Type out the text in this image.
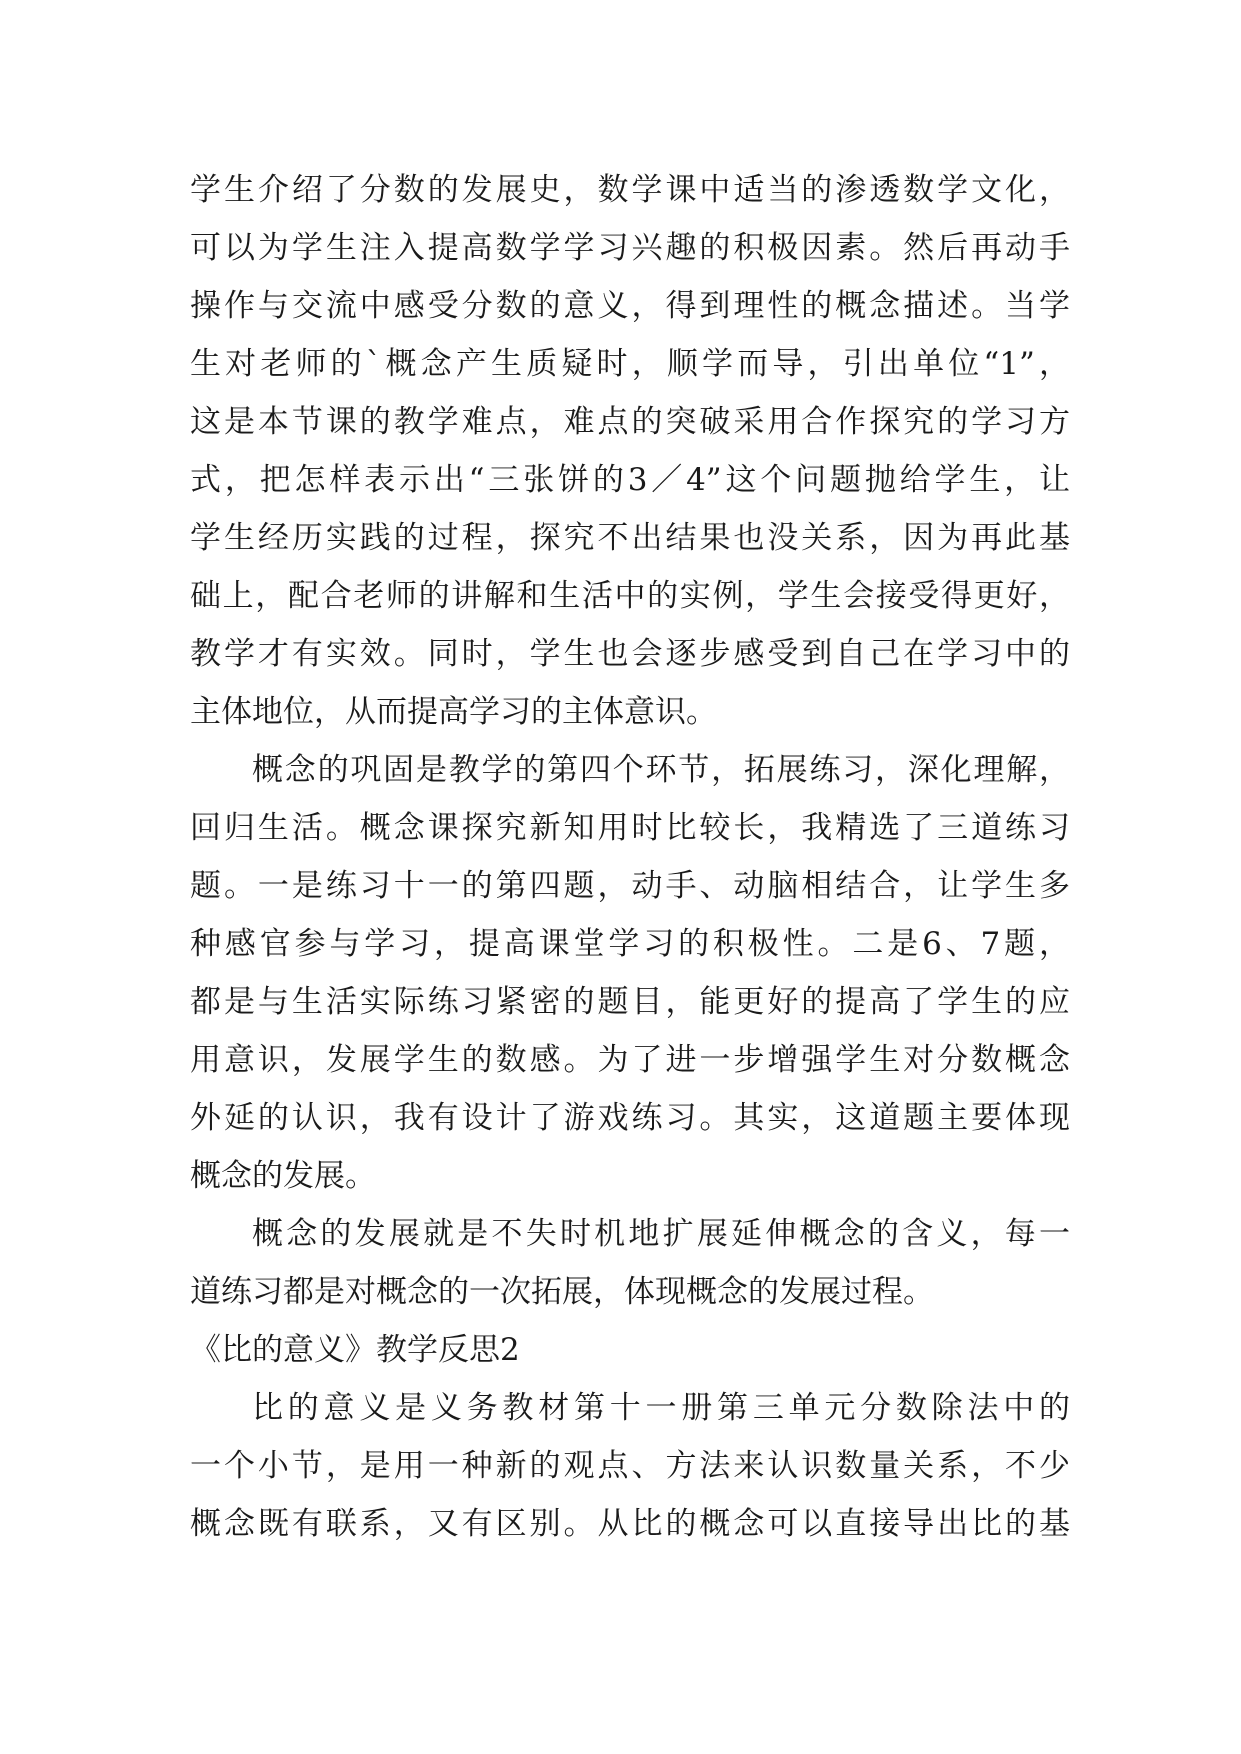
学生介绍了分数的发展史，数学课中适当的渗透数学文化，
可以为学生注入提高数学学习兴趣的积极因素。然后再动手
操作与交流中感受分数的意义，得到理性的概念描述。当学
生对老师的`概念产生质疑时，顺学而导，引出单位“1”，
这是本节课的教学难点，难点的突破采用合作探究的学习方
式，把怎样表示出“三张饼的3／4”这个问题抛给学生，让
学生经历实践的过程，探究不出结果也没关系，因为再此基
础上，配合老师的讲解和生活中的实例，学生会接受得更好，
教学才有实效。同时，学生也会逐步感受到自己在学习中的
主体地位，从而提高学习的主体意识。
概念的巩固是教学的第四个环节，拓展练习，深化理解，
回归生活。概念课探究新知用时比较长，我精选了三道练习
题。一是练习十一的第四题，动手、动脑相结合，让学生多
种感官参与学习，提高课堂学习的积极性。二是6、7题，
都是与生活实际练习紧密的题目，能更好的提高了学生的应
用意识，发展学生的数感。为了进一步增强学生对分数概念
外延的认识，我有设计了游戏练习。其实，这道题主要体现
概念的发展。
概念的发展就是不失时机地扩展延伸概念的含义，每一
道练习都是对概念的一次拓展，体现概念的发展过程。
《比的意义》教学反思2
比的意义是义务教材第十一册第三单元分数除法中的
一个小节，是用一种新的观点、方法来认识数量关系，不少
概念既有联系，又有区别。从比的概念可以直接导出比的基
